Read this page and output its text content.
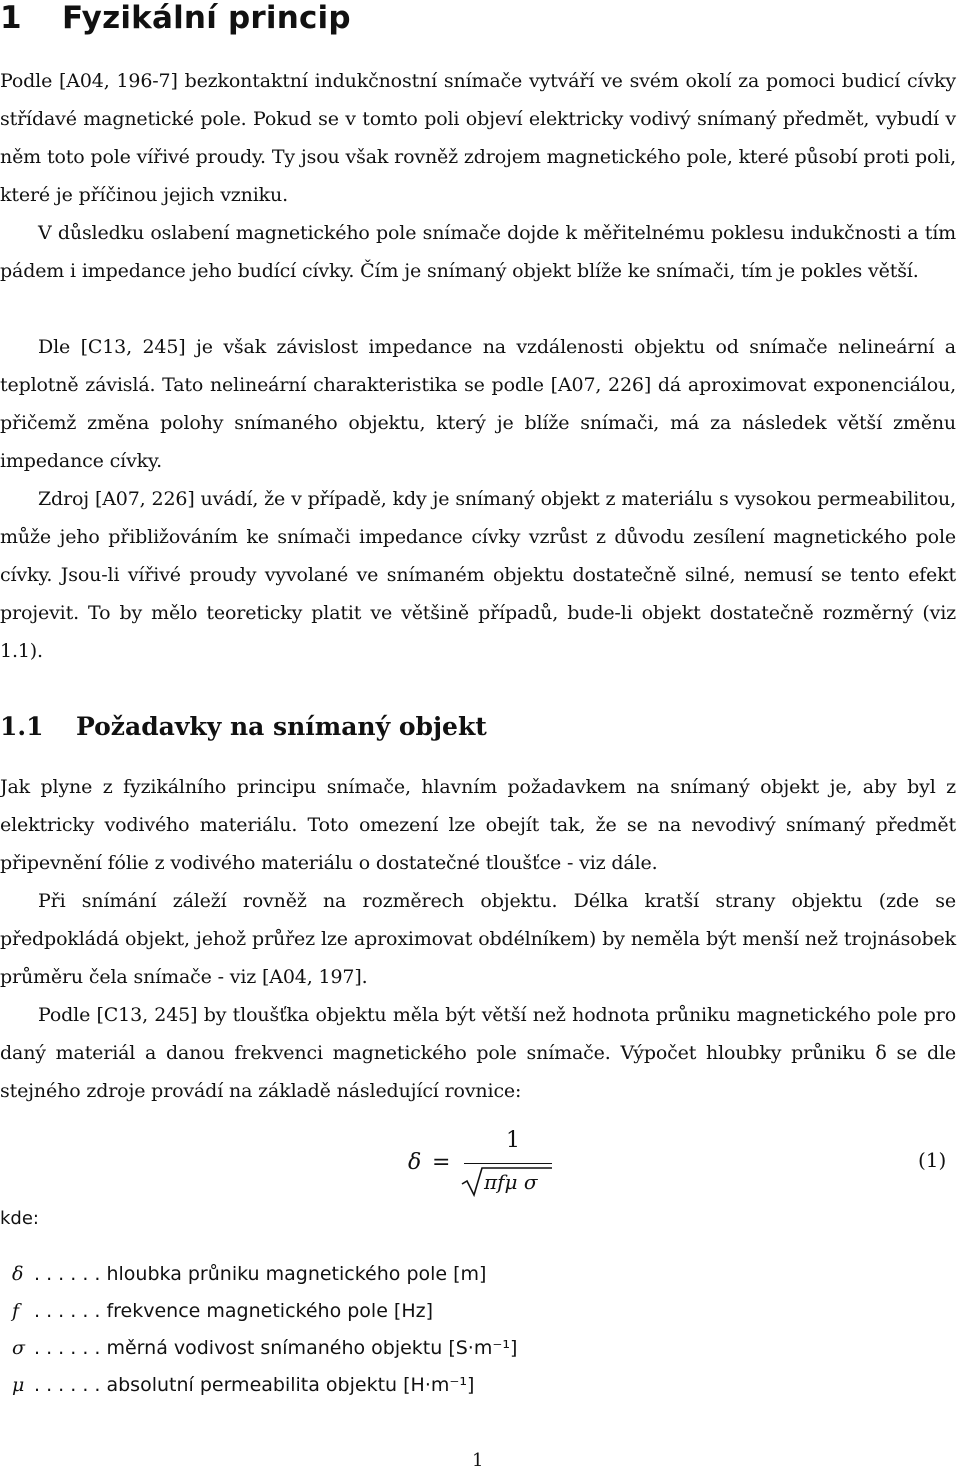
1 Fyzikální princip

Podle [A04, 196-7] bezkontaktní indukčnostní snímače vytváří ve svém okolí za pomoci budicí cívky střídavé magnetické pole. Pokud se v tomto poli objeví elektricky vodivý snímaný předmět, vybudí v něm toto pole vířivé proudy. Ty jsou však rovněž zdrojem magnetického pole, které působí proti poli, které je příčinou jejich vzniku.

V důsledku oslabení magnetického pole snímače dojde k měřitelnému poklesu indukčnosti a tím pádem i impedance jeho budící cívky. Čím je snímaný objekt blíže ke snímači, tím je pokles větší.

Dle [C13, 245] je však závislost impedance na vzdálenosti objektu od snímače nelineární a teplotně závislá. Tato nelineární charakteristika se podle [A07, 226] dá aproximovat exponenciálou, přičemž změna polohy snímaného objektu, který je blíže snímači, má za následek větší změnu impedance cívky.

Zdroj [A07, 226] uvádí, že v případě, kdy je snímaný objekt z materiálu s vysokou permeabilitou, může jeho přibližováním ke snímači impedance cívky vzrůst z důvodu zesílení magnetického pole cívky. Jsou-li vířivé proudy vyvolané ve snímaném objektu dostatečně silné, nemusí se tento efekt projevit. To by mělo teoreticky platit ve většině případů, bude-li objekt dostatečně rozměrný (viz 1.1).

1.1 Požadavky na snímaný objekt

Jak plyne z fyzikálního principu snímače, hlavním požadavkem na snímaný objekt je, aby byl z elektricky vodivého materiálu. Toto omezení lze obejít tak, že se na nevodivý snímaný předmět připevnění fólie z vodivého materiálu o dostatečné tloušťce - viz dále.

Při snímání záleží rovněž na rozměrech objektu. Délka kratší strany objektu (zde se předpokládá objekt, jehož průřez lze aproximovat obdélníkem) by neměla být menší než trojnásobek průměru čela snímače - viz [A04, 197].

Podle [C13, 245] by tloušťka objektu měla být větší než hodnota průniku magnetického pole pro daný materiál a danou frekvenci magnetického pole snímače. Výpočet hloubky průniku δ se dle stejného zdroje provádí na základě následující rovnice:

δ =
1
πfμ σ
(1)
kde:
δ . . . . . . hloubka průniku magnetického pole [m]
f . . . . . . frekvence magnetického pole [Hz]
σ . . . . . . měrná vodivost snímaného objektu [S·m⁻¹]
μ . . . . . . absolutní permeabilita objektu [H·m⁻¹]
1
